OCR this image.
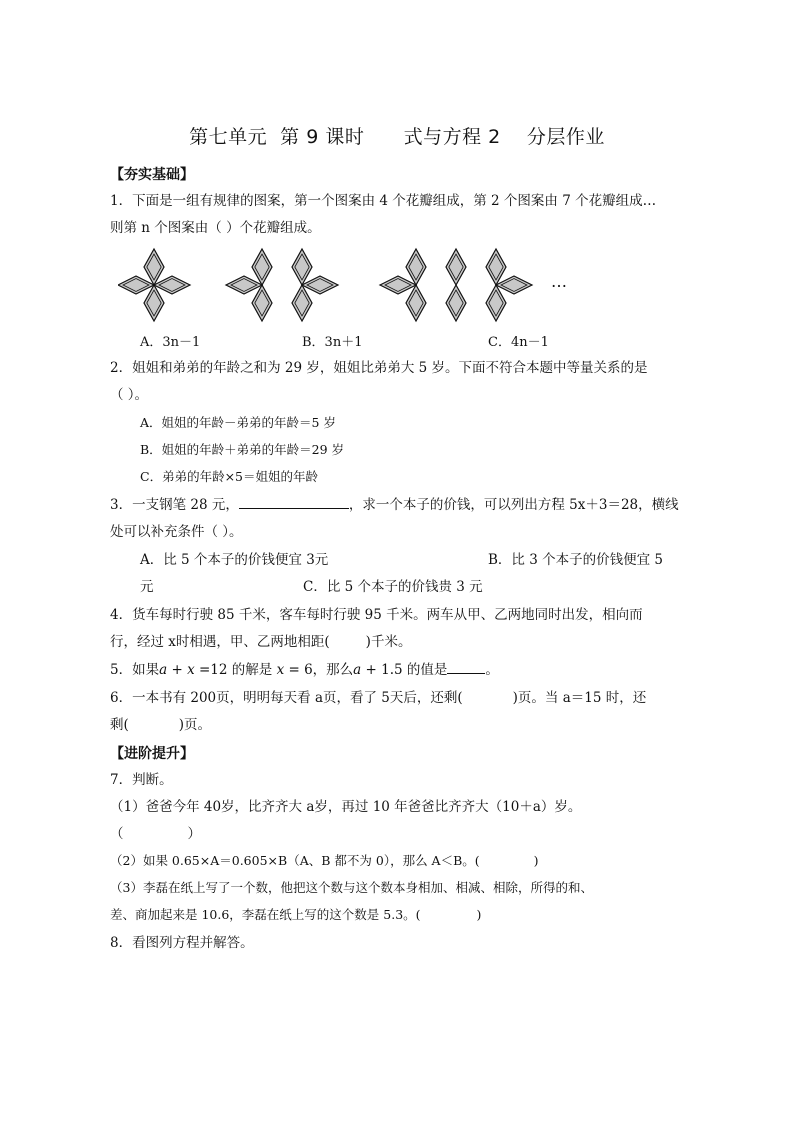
第七单元  第 9 课时 式与方程 2 分层作业
【夯实基础】
1．下面是一组有规律的图案，第一个图案由 4 个花瓣组成，第 2 个图案由 7 个花瓣组成…
则第 n 个图案由（ ）个花瓣组成。
…
A．3n－1	B．3n＋1	C．4n－1
2．姐姐和弟弟的年龄之和为 29 岁，姐姐比弟弟大 5 岁。下面不符合本题中等量关系的是
（ ）。
A．姐姐的年龄－弟弟的年龄＝5 岁
B．姐姐的年龄＋弟弟的年龄＝29 岁
C．弟弟的年龄×5＝姐姐的年龄
3．一支钢笔 28 元，	，求一个本子的价钱，可以列出方程 5x＋3＝28，横线
处可以补充条件（ ）。
A．比 5 个本子的价钱便宜 3元	B．比 3 个本子的价钱便宜 5
元	C．比 5 个本子的价钱贵 3 元
4．货车每时行驶 85 千米，客车每时行驶 95 千米。两车从甲、乙两地同时出发，相向而
行，经过 x时相遇，甲、乙两地相距(	)千米。
5．如果a + x =12 的解是 x = 6，那么a + 1.5 的值是	。
6．一本书有 200页，明明每天看 a页，看了 5天后，还剩(	)页。当 a＝15 时，还
剩(	)页。
【进阶提升】
7．判断。
（1）爸爸今年 40岁，比齐齐大 a岁，再过 10 年爸爸比齐齐大（10＋a）岁。
（	）
（2）如果 0.65×A＝0.605×B（A、B 都不为 0），那么 A＜B。(	)
（3）李磊在纸上写了一个数，他把这个数与这个数本身相加、相减、相除，所得的和、
差、商加起来是 10.6，李磊在纸上写的这个数是 5.3。(	)
8．看图列方程并解答。
